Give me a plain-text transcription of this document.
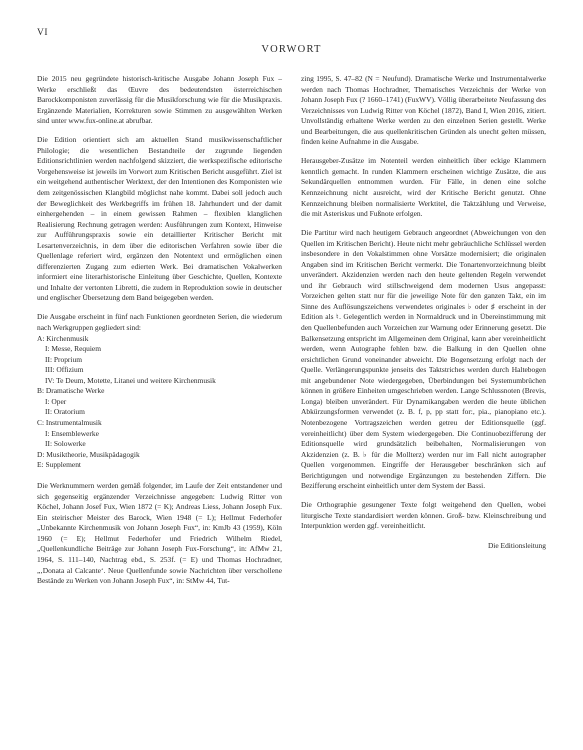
VI
VORWORT

Die 2015 neu gegründete historisch-kritische Ausgabe Johann Joseph Fux – Werke erschließt das Œuvre des bedeutendsten österreichischen Barockkomponisten zuverlässig für die Musikforschung wie für die Musikpraxis. Ergänzende Materialien, Korrekturen sowie Stimmen zu ausgewählten Werken sind unter www.fux-online.at abrufbar.

Die Edition orientiert sich am aktuellen Stand musikwissenschaftlicher Philologie; die wesentlichen Bestandteile der zugrunde liegenden Editionsrichtlinien werden nachfolgend skizziert, die werkspezifische editorische Vorgehensweise ist jeweils im Vorwort zum Kritischen Bericht ausgeführt. Ziel ist ein weitgehend authentischer Werktext, der den Intentionen des Komponisten wie dem zeitgenössischen Klangbild möglichst nahe kommt. Dabei soll jedoch auch der Beweglichkeit des Werkbegriffs im frühen 18. Jahrhundert und der damit einhergehenden – in einem gewissen Rahmen – flexiblen klanglichen Realisierung Rechnung getragen werden: Ausführungen zum Kontext, Hinweise zur Aufführungspraxis sowie ein detaillierter Kritischer Bericht mit Lesartenverzeichnis, in dem über die editorischen Verfahren sowie über die Quellenlage referiert wird, ergänzen den Notentext und ermöglichen einen differenzierten Zugang zum edierten Werk. Bei dramatischen Vokalwerken informiert eine literarhistorische Einleitung über Geschichte, Quellen, Kontexte und Inhalte der vertonten Libretti, die zudem in Reproduktion sowie in deutscher und englischer Übersetzung dem Band beigegeben werden.

Die Ausgabe erscheint in fünf nach Funktionen geordneten Serien, die wiederum nach Werkgruppen gegliedert sind:

A: Kirchenmusik
I: Messe, Requiem
II: Proprium
III: Offizium
IV: Te Deum, Motette, Litanei und weitere Kirchenmusik
B: Dramatische Werke
I: Oper
II: Oratorium
C: Instrumentalmusik
I: Ensemblewerke
II: Solowerke
D: Musiktheorie, Musikpädagogik
E: Supplement

Die Werknummern werden gemäß folgender, im Laufe der Zeit entstandener und sich gegenseitig ergänzender Verzeichnisse angegeben: Ludwig Ritter von Köchel, Johann Josef Fux, Wien 1872 (= K); Andreas Liess, Johann Joseph Fux. Ein steirischer Meister des Barock, Wien 1948 (= L); Hellmut Federhofer „Unbekannte Kirchenmusik von Johann Joseph Fux“, in: KmJb 43 (1959), Köln 1960 (= E); Hellmut Federhofer und Friedrich Wilhelm Riedel, „Quellenkundliche Beiträge zur Johann Joseph Fux-Forschung“, in: AfMw 21, 1964, S. 111–140, Nachtrag ebd., S. 253f. (= E) und Thomas Hochradner, „‚Donata al Calcante‘. Neue Quellenfunde sowie Nachrichten über verschollene Bestände zu Werken von Johann Joseph Fux“, in: StMw 44, Tut-

zing 1995, S. 47–82 (N = Neufund). Dramatische Werke und Instrumentalwerke werden nach Thomas Hochradner, Thematisches Verzeichnis der Werke von Johann Joseph Fux (? 1660–1741) (FuxWV). Völlig überarbeitete Neufassung des Verzeichnisses von Ludwig Ritter von Köchel (1872), Band I, Wien 2016, zitiert. Unvollständig erhaltene Werke werden zu den einzelnen Serien gestellt. Werke und Bearbeitungen, die aus quellenkritischen Gründen als unecht gelten müssen, finden keine Aufnahme in die Ausgabe.

Herausgeber-Zusätze im Notenteil werden einheitlich über eckige Klammern kenntlich gemacht. In runden Klammern erscheinen wichtige Zusätze, die aus Sekundärquellen entnommen wurden. Für Fälle, in denen eine solche Kennzeichnung nicht ausreicht, wird der Kritische Bericht genutzt. Ohne Kennzeichnung bleiben normalisierte Werktitel, die Taktzählung und Verweise, die mit Asteriskus und Fußnote erfolgen.

Die Partitur wird nach heutigem Gebrauch angeordnet (Abweichungen von den Quellen im Kritischen Bericht). Heute nicht mehr gebräuchliche Schlüssel werden insbesondere in den Vokalstimmen ohne Vorsätze modernisiert; die originalen Angaben sind im Kritischen Bericht vermerkt. Die Tonartenvorzeichnung bleibt unverändert. Akzidenzien werden nach den heute geltenden Regeln verwendet und ihr Gebrauch wird stillschweigend dem modernen Usus angepasst: Vorzeichen gelten statt nur für die jeweilige Note für den ganzen Takt, ein im Sinne des Auflösungszeichens verwendetes originales ♭ oder ♯ erscheint in der Edition als ♮. Gelegentlich werden in Normaldruck und in Übereinstimmung mit den Quellenbefunden auch Vorzeichen zur Warnung oder Erinnerung gesetzt. Die Balkensetzung entspricht im Allgemeinen dem Original, kann aber vereinheitlicht werden, wenn Autographe fehlen bzw. die Balkung in den Quellen ohne ersichtlichen Grund voneinander abweicht. Die Bogensetzung erfolgt nach der Quelle. Verlängerungspunkte jenseits des Taktstriches werden durch Haltebogen mit angebundener Note wiedergegeben, Überbindungen bei Systemumbrüchen können in größere Einheiten umgeschrieben werden. Lange Schlussnoten (Brevis, Longa) bleiben unverändert. Für Dynamikangaben werden die heute üblichen Abkürzungsformen verwendet (z. B. f, p, pp statt for:, pia., pianopiano etc.). Notenbezogene Vortragszeichen werden getreu der Editionsquelle (ggf. vereinheitlicht) über dem System wiedergegeben. Die Continuobezifferung der Editionsquelle wird grundsätzlich beibehalten, Normalisierungen von Akzidenzien (z. B. ♭ für die Mollterz) werden nur im Fall nicht autographer Quellen vorgenommen. Eingriffe der Herausgeber beschränken sich auf Berichtigungen und notwendige Ergänzungen zu bestehenden Ziffern. Die Bezifferung erscheint einheitlich unter dem System der Bassi.

Die Orthographie gesungener Texte folgt weitgehend den Quellen, wobei liturgische Texte standardisiert werden können. Groß- bzw. Kleinschreibung und Interpunktion werden ggf. vereinheitlicht.

Die Editionsleitung
